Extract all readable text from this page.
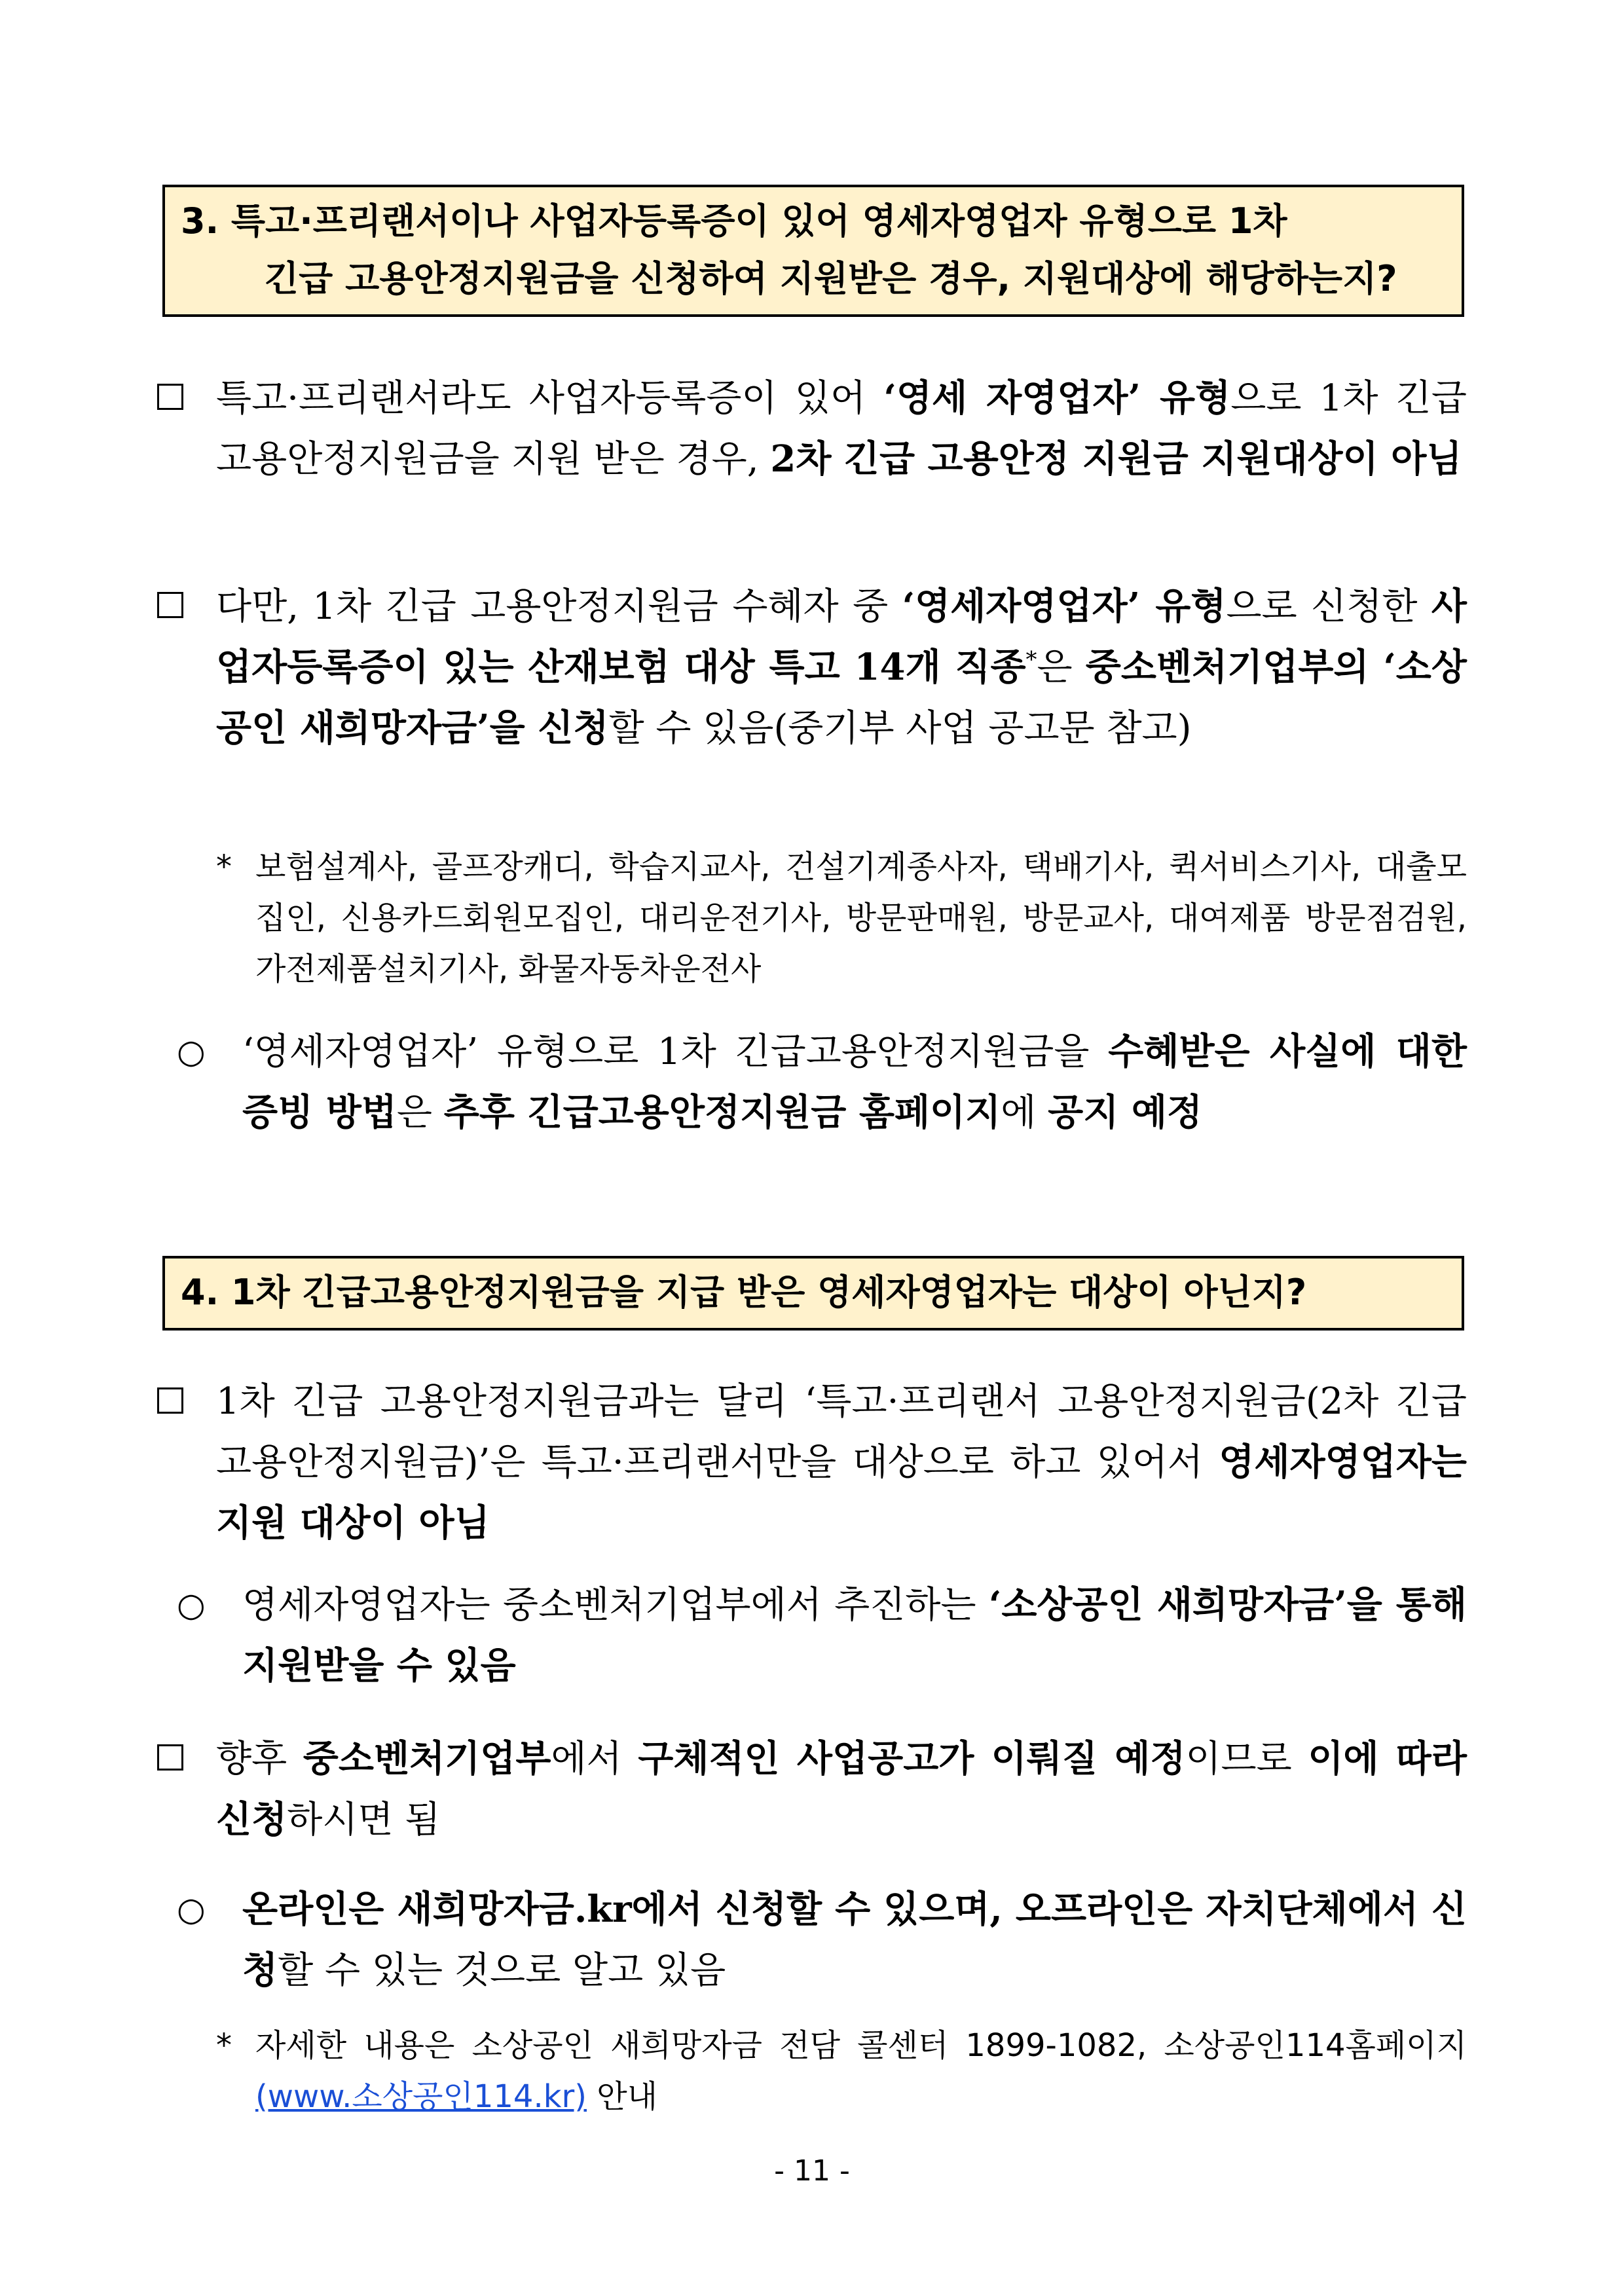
3. 특고·프리랜서이나 사업자등록증이 있어 영세자영업자 유형으로 1차
긴급 고용안정지원금을 신청하여 지원받은 경우, 지원대상에 해당하는지?
특고·프리랜서라도 사업자등록증이 있어 ‘영세 자영업자’ 유형으로 1차 긴급 고용안정지원금을 지원 받은 경우, 2차 긴급 고용안정 지원금 지원대상이 아님
다만, 1차 긴급 고용안정지원금 수혜자 중 ‘영세자영업자’ 유형으로 신청한 사업자등록증이 있는 산재보험 대상 특고 14개 직종*은 중소벤처기업부의 ‘소상공인 새희망자금’을 신청할 수 있음(중기부 사업 공고문 참고)
* 보험설계사, 골프장캐디, 학습지교사, 건설기계종사자, 택배기사, 퀵서비스기사, 대출모집인, 신용카드회원모집인, 대리운전기사, 방문판매원, 방문교사, 대여제품 방문점검원, 가전제품설치기사, 화물자동차운전사
○	‘영세자영업자’ 유형으로 1차 긴급고용안정지원금을 수혜받은 사실에 대한 증빙 방법은 추후 긴급고용안정지원금 홈페이지에 공지 예정
4. 1차 긴급고용안정지원금을 지급 받은 영세자영업자는 대상이 아닌지?
1차 긴급 고용안정지원금과는 달리 ‘특고·프리랜서 고용안정지원금(2차 긴급 고용안정지원금)’은 특고·프리랜서만을 대상으로 하고 있어서 영세자영업자는 지원 대상이 아님
○	영세자영업자는 중소벤처기업부에서 추진하는 ‘소상공인 새희망자금’을 통해 지원받을 수 있음
향후 중소벤처기업부에서 구체적인 사업공고가 이뤄질 예정이므로 이에 따라 신청하시면 됨
○	온라인은 새희망자금.kr에서 신청할 수 있으며, 오프라인은 자치단체에서 신청할 수 있는 것으로 알고 있음
* 자세한 내용은 소상공인 새희망자금 전담 콜센터 1899-1082, 소상공인114홈페이지 (www.소상공인114.kr) 안내
- 11 -
